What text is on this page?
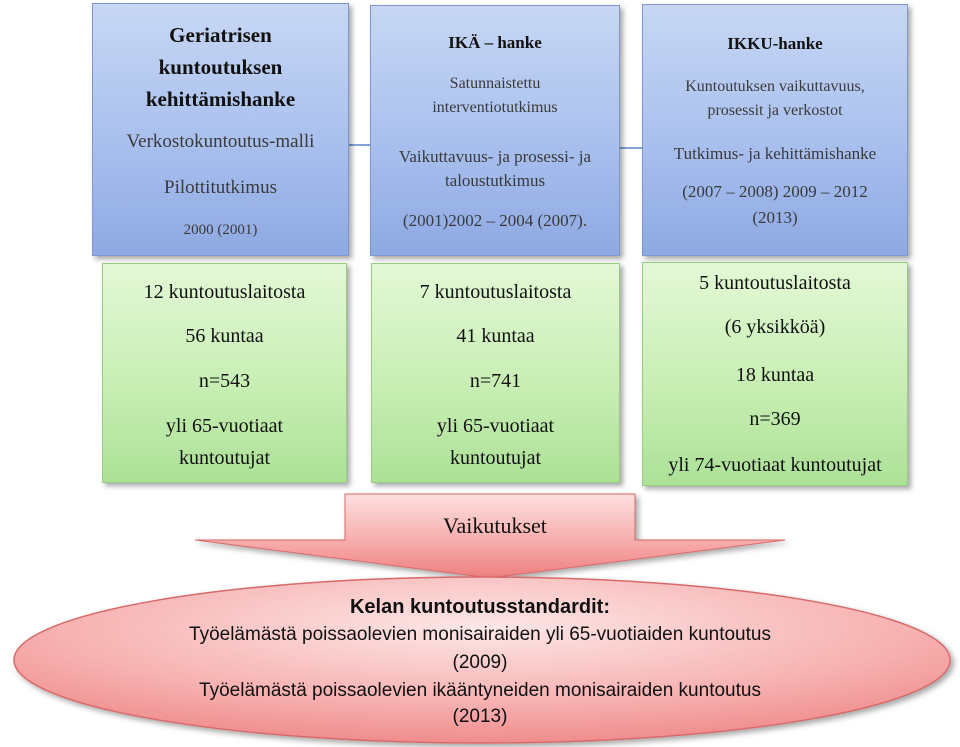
Geriatrisen
kuntoutuksen
kehittämishanke
Verkostokuntoutus-malli
Pilottitutkimus
2000 (2001)
IKÄ – hanke
Satunnaistettu
interventiotutkimus
Vaikuttavuus- ja prosessi- ja
taloustutkimus
(2001)2002 – 2004 (2007).
IKKU-hanke
Kuntoutuksen vaikuttavuus,
prosessit ja verkostot
Tutkimus- ja kehittämishanke
(2007 – 2008) 2009 – 2012
(2013)
12 kuntoutuslaitosta
56 kuntaa
n=543
yli 65-vuotiaat
kuntoutujat
7 kuntoutuslaitosta
41 kuntaa
n=741
yli 65-vuotiaat
kuntoutujat
5 kuntoutuslaitosta
(6 yksikköä)
18 kuntaa
n=369
yli 74-vuotiaat kuntoutujat
Vaikutukset
Kelan kuntoutusstandardit:
Työelämästä poissaolevien monisairaiden yli 65-vuotiaiden kuntoutus
(2009)
Työelämästä poissaolevien ikääntyneiden monisairaiden kuntoutus
(2013)
